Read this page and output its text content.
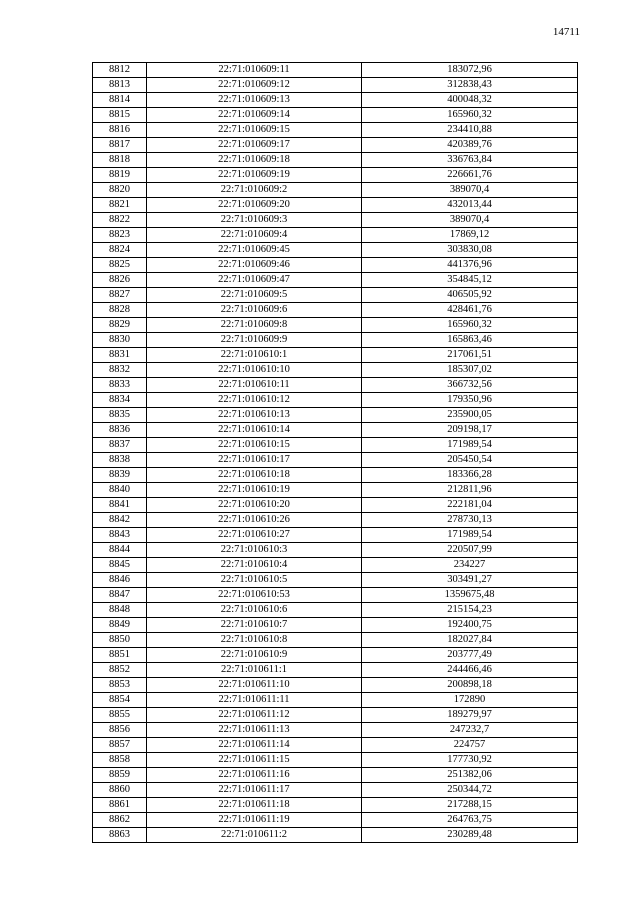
14711
8812	22:71:010609:11	183072,96
8813	22:71:010609:12	312838,43
8814	22:71:010609:13	400048,32
8815	22:71:010609:14	165960,32
8816	22:71:010609:15	234410,88
8817	22:71:010609:17	420389,76
8818	22:71:010609:18	336763,84
8819	22:71:010609:19	226661,76
8820	22:71:010609:2	389070,4
8821	22:71:010609:20	432013,44
8822	22:71:010609:3	389070,4
8823	22:71:010609:4	17869,12
8824	22:71:010609:45	303830,08
8825	22:71:010609:46	441376,96
8826	22:71:010609:47	354845,12
8827	22:71:010609:5	406505,92
8828	22:71:010609:6	428461,76
8829	22:71:010609:8	165960,32
8830	22:71:010609:9	165863,46
8831	22:71:010610:1	217061,51
8832	22:71:010610:10	185307,02
8833	22:71:010610:11	366732,56
8834	22:71:010610:12	179350,96
8835	22:71:010610:13	235900,05
8836	22:71:010610:14	209198,17
8837	22:71:010610:15	171989,54
8838	22:71:010610:17	205450,54
8839	22:71:010610:18	183366,28
8840	22:71:010610:19	212811,96
8841	22:71:010610:20	222181,04
8842	22:71:010610:26	278730,13
8843	22:71:010610:27	171989,54
8844	22:71:010610:3	220507,99
8845	22:71:010610:4	234227
8846	22:71:010610:5	303491,27
8847	22:71:010610:53	1359675,48
8848	22:71:010610:6	215154,23
8849	22:71:010610:7	192400,75
8850	22:71:010610:8	182027,84
8851	22:71:010610:9	203777,49
8852	22:71:010611:1	244466,46
8853	22:71:010611:10	200898,18
8854	22:71:010611:11	172890
8855	22:71:010611:12	189279,97
8856	22:71:010611:13	247232,7
8857	22:71:010611:14	224757
8858	22:71:010611:15	177730,92
8859	22:71:010611:16	251382,06
8860	22:71:010611:17	250344,72
8861	22:71:010611:18	217288,15
8862	22:71:010611:19	264763,75
8863	22:71:010611:2	230289,48
